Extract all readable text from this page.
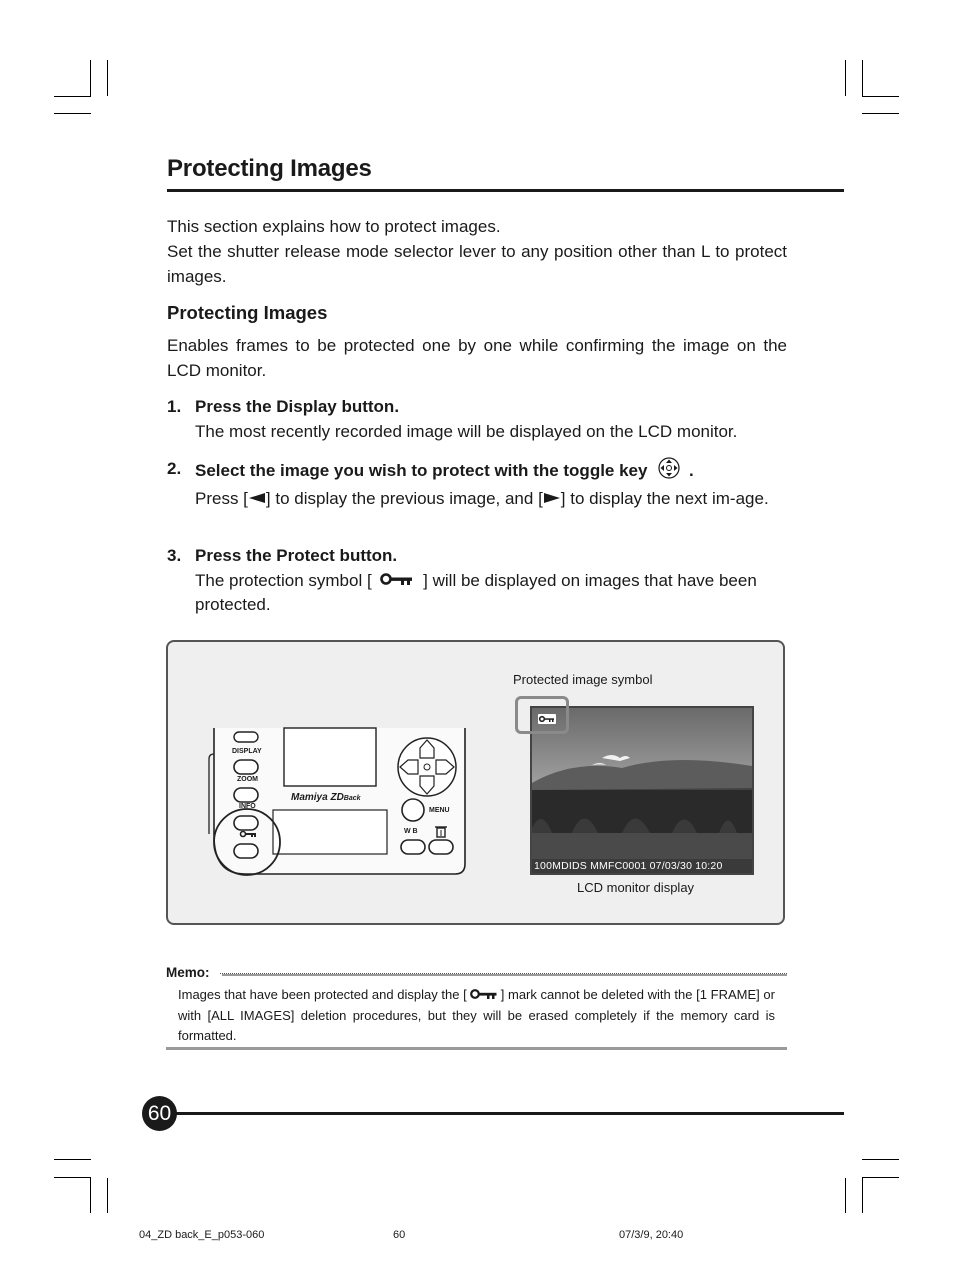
Protecting Images

This section explains how to protect images.

Set the shutter release mode selector lever to any position other than L to protect images.

Protecting Images

Enables frames to be protected one by one while confirming the image on the LCD monitor.

1. Press the Display button.
The most recently recorded image will be displayed on the LCD monitor.
2. Select the image you wish to protect with the toggle key .
Press [ ] to display the previous image, and [ ] to display the next im-age.
3. Press the Protect button.
The protection symbol [	] will be displayed on images that have been protected.
DISPLAY
ZOOM
INFO
Mamiya ZDBack
MENU
W B
Protected image symbol
100MDIDS MMFC0001 07/03/30 10:20
LCD monitor display
Memo:

Images that have been protected and display the [	] mark cannot be deleted with the [1 FRAME] or with [ALL IMAGES] deletion procedures, but they will be erased completely if the memory card is formatted.

60
04_ZD back_E_p053-060	60	07/3/9, 20:40
